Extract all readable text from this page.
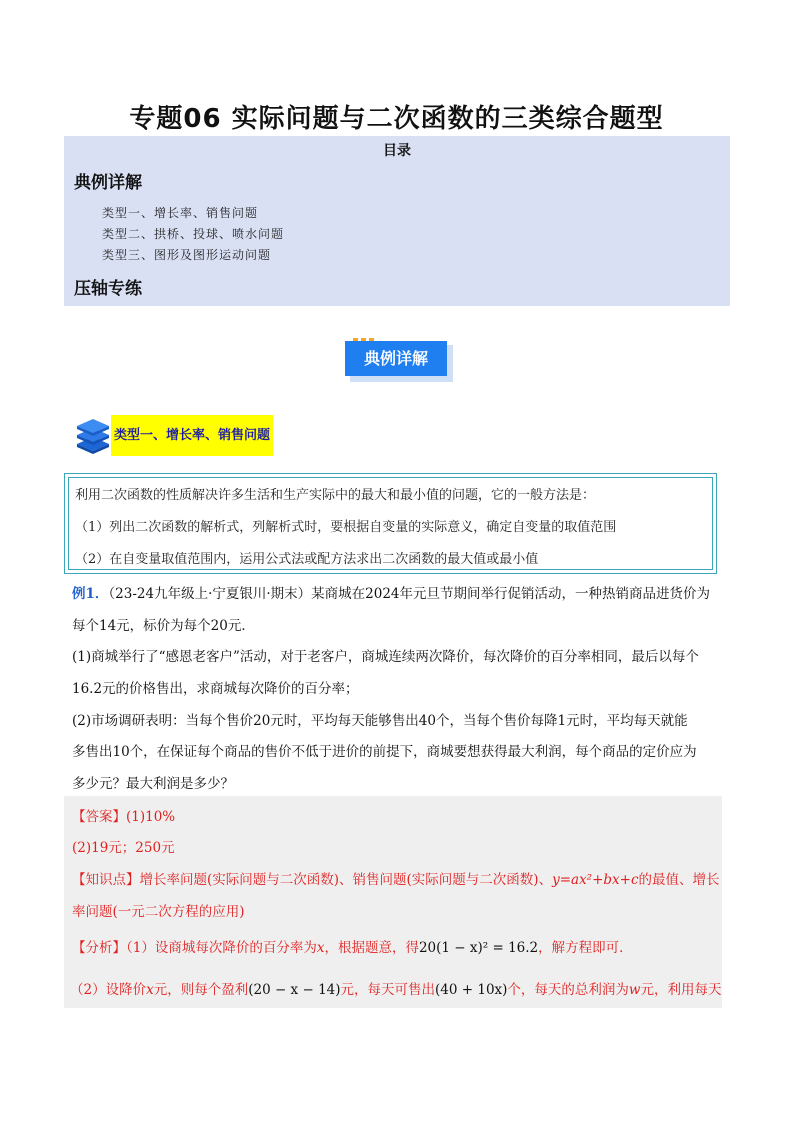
专题06 实际问题与二次函数的三类综合题型
目录
典例详解
类型一、增长率、销售问题
类型二、拱桥、投球、喷水问题
类型三、图形及图形运动问题
压轴专练
典例详解
类型一、增长率、销售问题
利用二次函数的性质解决许多生活和生产实际中的最大和最小值的问题，它的一般方法是：
（1）列出二次函数的解析式，列解析式时，要根据自变量的实际意义，确定自变量的取值范围
（2）在自变量取值范围内，运用公式法或配方法求出二次函数的最大值或最小值
例1．（23-24九年级上·宁夏银川·期末）某商城在2024年元旦节期间举行促销活动，一种热销商品进货价为
每个14元，标价为每个20元．
(1)商城举行了“感恩老客户”活动，对于老客户，商城连续两次降价，每次降价的百分率相同，最后以每个
16.2元的价格售出，求商城每次降价的百分率；
(2)市场调研表明：当每个售价20元时，平均每天能够售出40个，当每个售价每降1元时，平均每天就能
多售出10个，在保证每个商品的售价不低于进价的前提下，商城要想获得最大利润，每个商品的定价应为
多少元？最大利润是多少？
【答案】(1)10%
(2)19元；250元
【知识点】增长率问题(实际问题与二次函数)、销售问题(实际问题与二次函数)、y=ax²+bx+c的最值、增长
率问题(一元二次方程的应用)
【分析】（1）设商城每次降价的百分率为x，根据题意，得20(1 − x)² = 16.2，解方程即可．
（2）设降价x元，则每个盈利(20 − x − 14)元，每天可售出(40 + 10x)个，每天的总利润为w元，利用每天
